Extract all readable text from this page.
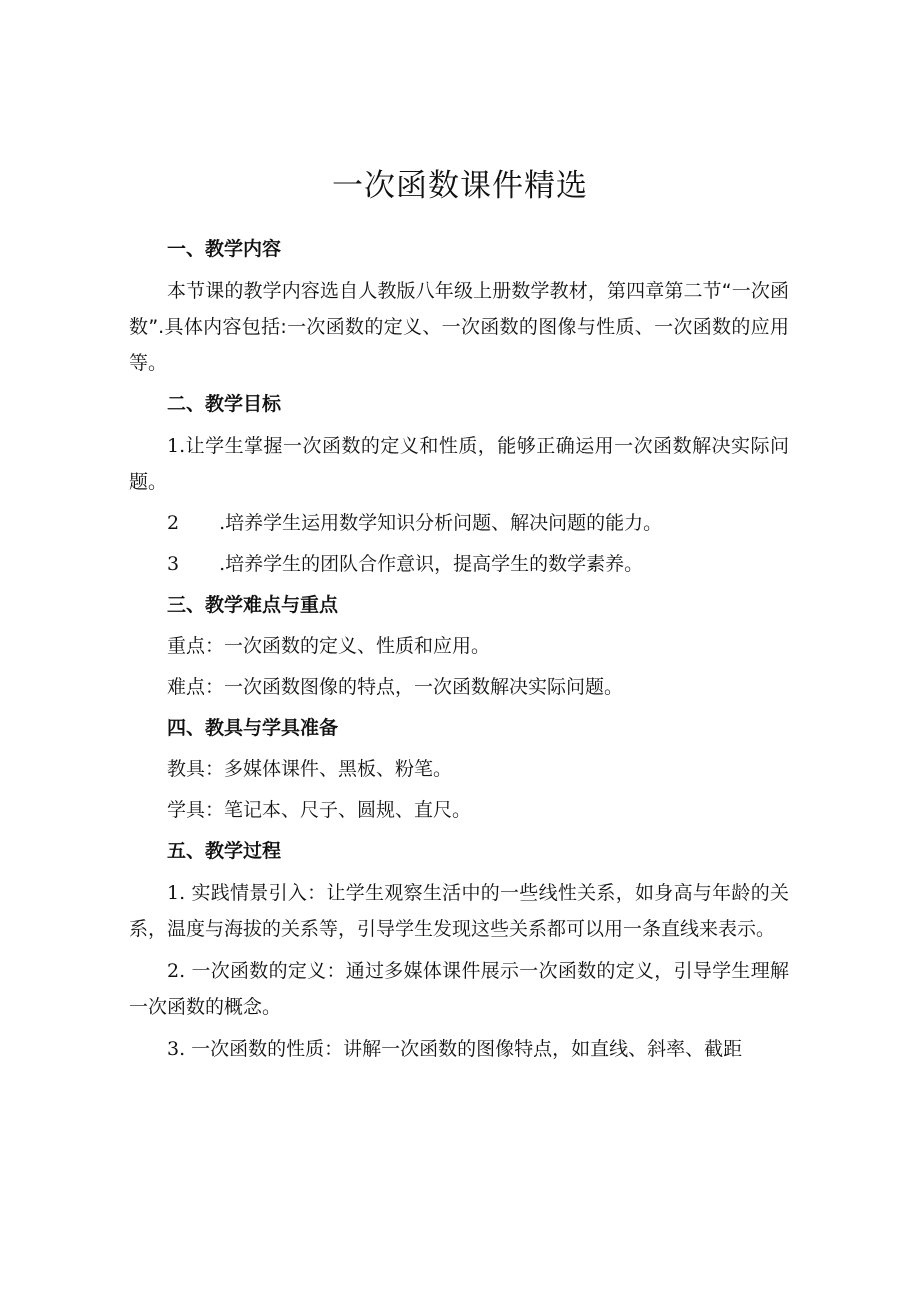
一次函数课件精选

一、教学内容

本节课的教学内容选自人教版八年级上册数学教材，第四章第二节“一次函数”.具体内容包括:一次函数的定义、一次函数的图像与性质、一次函数的应用等。

二、教学目标

1.让学生掌握一次函数的定义和性质，能够正确运用一次函数解决实际问题。

2 .培养学生运用数学知识分析问题、解决问题的能力。

3 .培养学生的团队合作意识，提高学生的数学素养。

三、教学难点与重点

重点：一次函数的定义、性质和应用。

难点：一次函数图像的特点，一次函数解决实际问题。

四、教具与学具准备

教具：多媒体课件、黑板、粉笔。

学具：笔记本、尺子、圆规、直尺。

五、教学过程

1. 实践情景引入：让学生观察生活中的一些线性关系，如身高与年龄的关系，温度与海拔的关系等，引导学生发现这些关系都可以用一条直线来表示。

2. 一次函数的定义：通过多媒体课件展示一次函数的定义，引导学生理解一次函数的概念。

3. 一次函数的性质：讲解一次函数的图像特点，如直线、斜率、截距
